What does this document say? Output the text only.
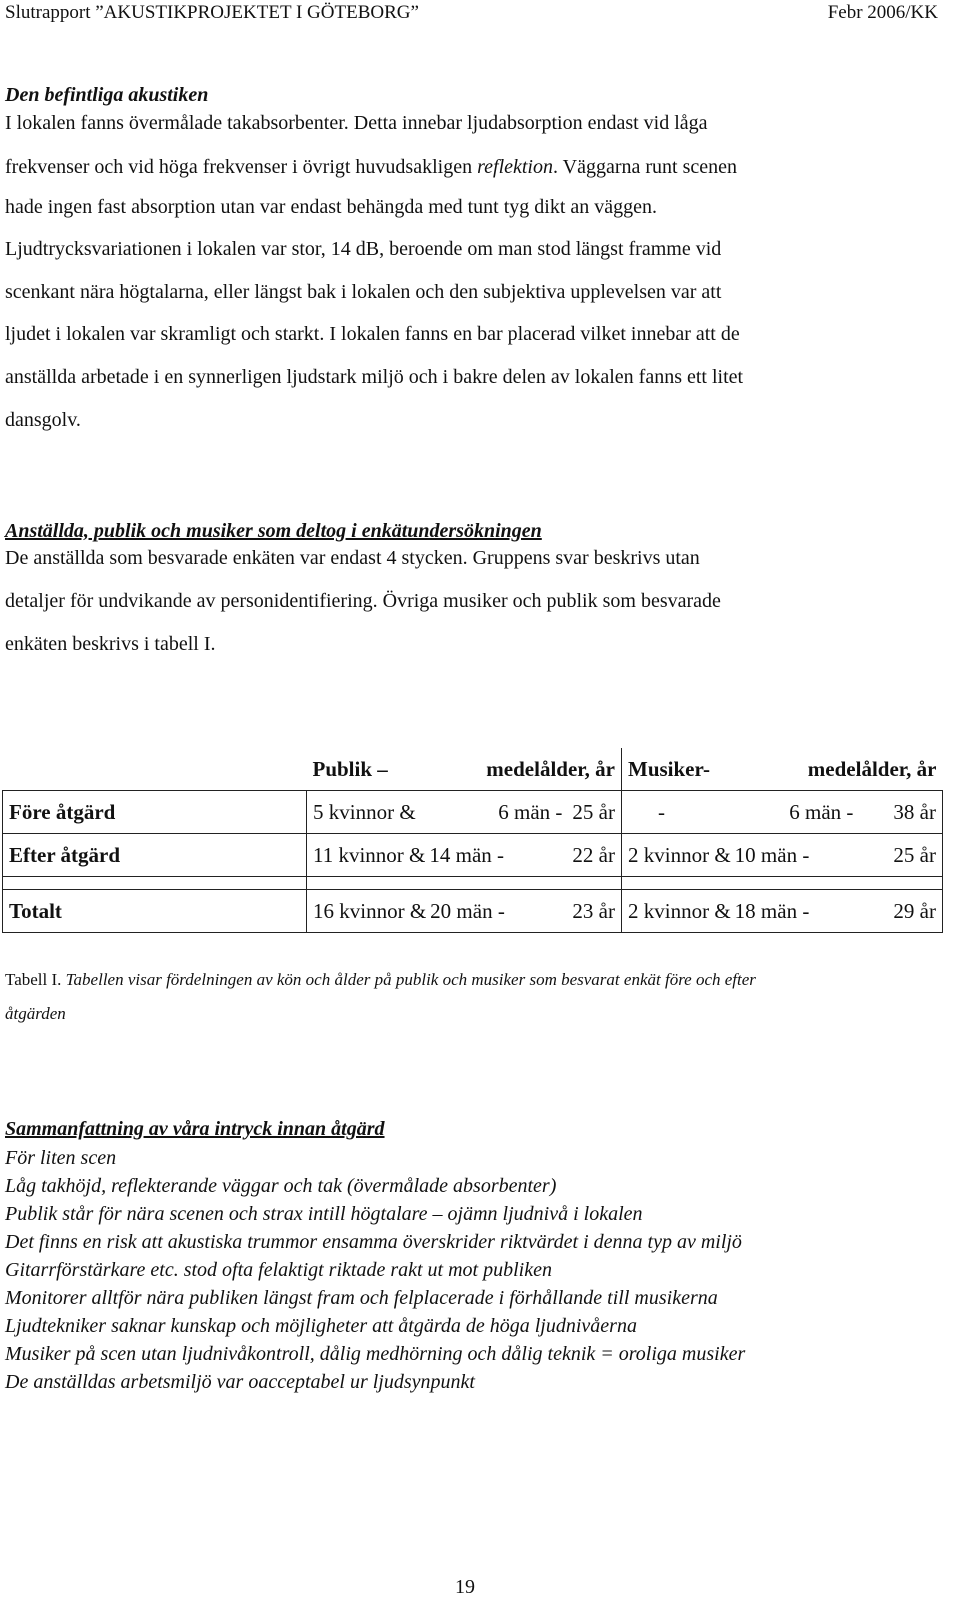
Slutrapport ”AKUSTIKPROJEKTET I GÖTEBORG”	Febr 2006/KK
Den befintliga akustiken
I lokalen fanns övermålade takabsorbenter. Detta innebar ljudabsorption endast vid låga
frekvenser och vid höga frekvenser i övrigt huvudsakligen reflektion. Väggarna runt scenen
hade ingen fast absorption utan var endast behängda med tunt tyg dikt an väggen.
Ljudtrycksvariationen i lokalen var stor, 14 dB, beroende om man stod längst framme vid
scenkant nära högtalarna, eller längst bak i lokalen och den subjektiva upplevelsen var att
ljudet i lokalen var skramligt och starkt. I lokalen fanns en bar placerad vilket innebar att de
anställda arbetade i en synnerligen ljudstark miljö och i bakre delen av lokalen fanns ett litet
dansgolv.
Anställda, publik och musiker som deltog i enkätundersökningen
De anställda som besvarade enkäten var endast 4 stycken. Gruppens svar beskrivs utan
detaljer för undvikande av personidentifiering. Övriga musiker och publik som besvarade
enkäten beskrivs i tabell I.

	Publik – medelålder, år	Musiker- medelålder, år

Före åtgärd	5 kvinnor & 6 män - 25 år	- 6 män - 38 år

Efter åtgärd	11 kvinnor & 14 män - 22 år	2 kvinnor & 10 män - 25 år

Totalt	16 kvinnor & 20 män - 23 år	2 kvinnor & 18 män - 29 år
Tabell I. Tabellen visar fördelningen av kön och ålder på publik och musiker som besvarat enkät före och efter
åtgärden
Sammanfattning av våra intryck innan åtgärd
För liten scen
Låg takhöjd, reflekterande väggar och tak (övermålade absorbenter)
Publik står för nära scenen och strax intill högtalare – ojämn ljudnivå i lokalen
Det finns en risk att akustiska trummor ensamma överskrider riktvärdet i denna typ av miljö
Gitarrförstärkare etc. stod ofta felaktigt riktade rakt ut mot publiken
Monitorer alltför nära publiken längst fram och felplacerade i förhållande till musikerna
Ljudtekniker saknar kunskap och möjligheter att åtgärda de höga ljudnivåerna
Musiker på scen utan ljudnivåkontroll, dålig medhörning och dålig teknik = oroliga musiker
De anställdas arbetsmiljö var oacceptabel ur ljudsynpunkt
19
